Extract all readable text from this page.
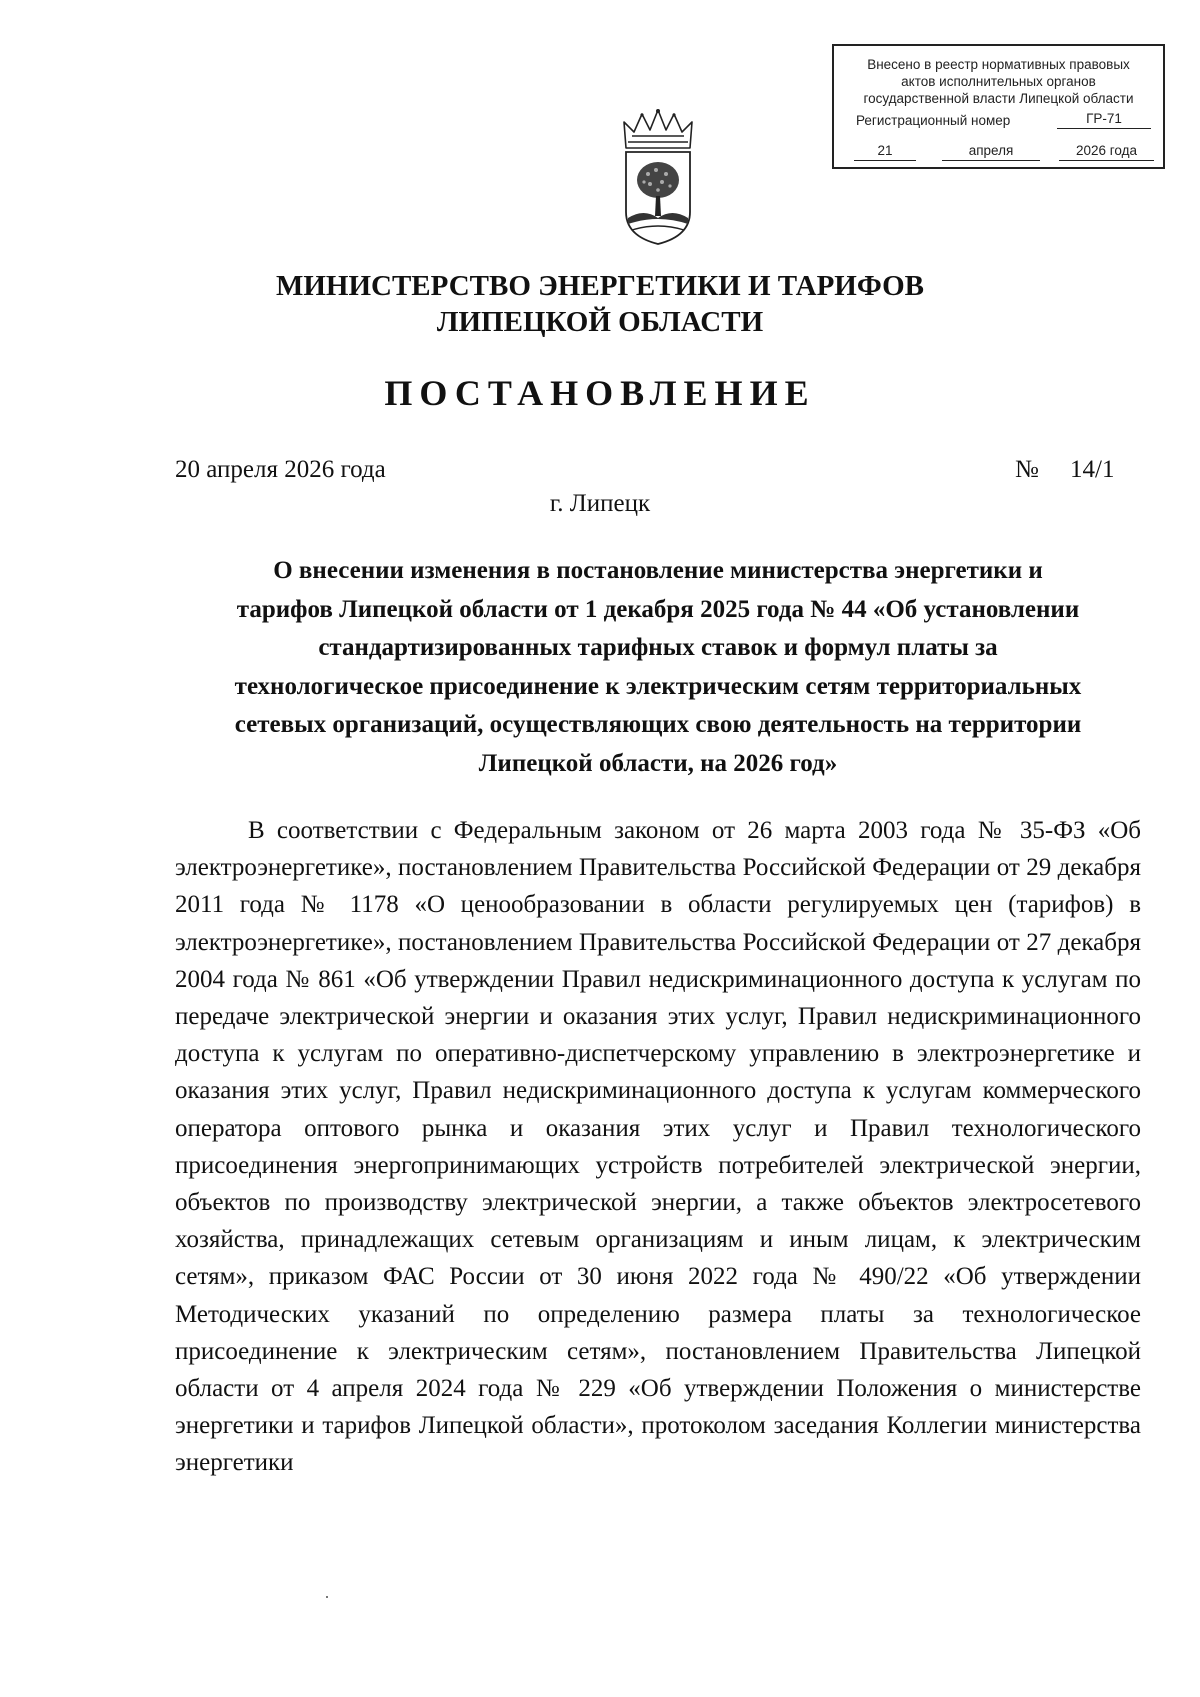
Внесено в реестр нормативных правовых
актов исполнительных органов
государственной власти Липецкой области
Регистрационный номер	ГР-71
21	апреля	2026 года
МИНИСТЕРСТВО ЭНЕРГЕТИКИ И ТАРИФОВ
ЛИПЕЦКОЙ ОБЛАСТИ
ПОСТАНОВЛЕНИЕ
20 апреля 2026 года	№ 14/1
г. Липецк
О внесении изменения в постановление министерства энергетики и
тарифов Липецкой области от 1 декабря 2025 года № 44 «Об установлении
стандартизированных тарифных ставок и формул платы за
технологическое присоединение к электрическим сетям территориальных
сетевых организаций, осуществляющих свою деятельность на территории
Липецкой области, на 2026 год»
В соответствии с Федеральным законом от 26 марта 2003 года № 35-ФЗ «Об электроэнергетике», постановлением Правительства Российской Федерации от 29 декабря 2011 года № 1178 «О ценообразовании в области регулируемых цен (тарифов) в электроэнергетике», постановлением Правительства Российской Федерации от 27 декабря 2004 года № 861 «Об утверждении Правил недискриминационного доступа к услугам по передаче электрической энергии и оказания этих услуг, Правил недискриминационного доступа к услугам по оперативно-диспетчерскому управлению в электроэнергетике и оказания этих услуг, Правил недискриминационного доступа к услугам коммерческого оператора оптового рынка и оказания этих услуг и Правил технологического присоединения энергопринимающих устройств потребителей электрической энергии, объектов по производству электрической энергии, а также объектов электросетевого хозяйства, принадлежащих сетевым организациям и иным лицам, к электрическим сетям», приказом ФАС России от 30 июня 2022 года № 490/22 «Об утверждении Методических указаний по определению размера платы за технологическое присоединение к электрическим сетям», постановлением Правительства Липецкой области от 4 апреля 2024 года № 229 «Об утверждении Положения о министерстве энергетики и тарифов Липецкой области», протоколом заседания Коллегии министерства энергетики
